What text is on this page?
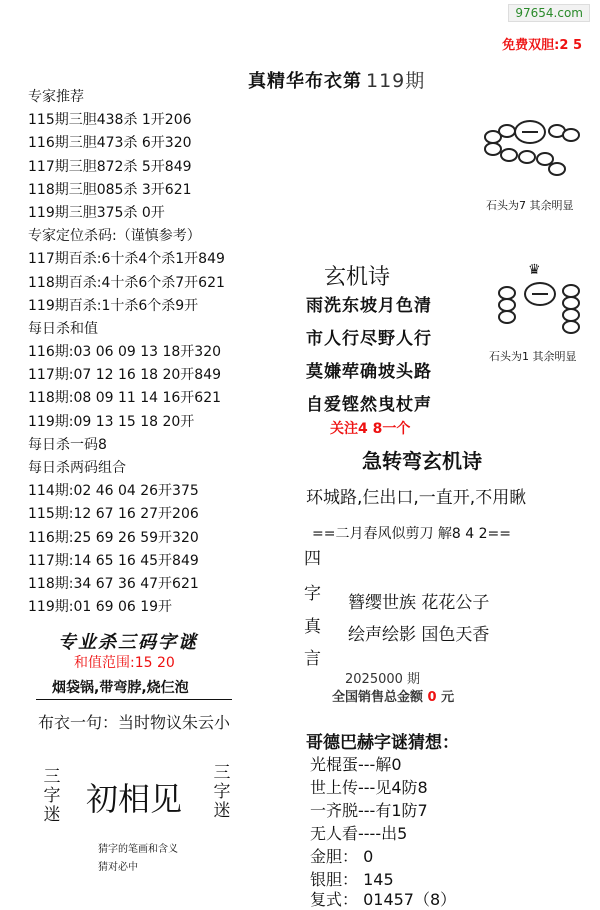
97654.com
免费双胆:2 5
真精华布衣第 119期
专家推荐
115期三胆438杀 1开206
116期三胆473杀 6开320
117期三胆872杀 5开849
118期三胆085杀 3开621
119期三胆375杀 0开
专家定位杀码:（谨慎参考）
117期百杀:6十杀4个杀1开849
118期百杀:4十杀6个杀7开621
119期百杀:1十杀6个杀9开
每日杀和值
116期:03 06 09 13 18开320
117期:07 12 16 18 20开849
118期:08 09 11 14 16开621
119期:09 13 15 18 20开
每日杀一码8
每日杀两码组合
114期:02 46 04 26开375
115期:12 67 16 27开206
116期:25 69 26 59开320
117期:14 65 16 45开849
118期:34 67 36 47开621
119期:01 69 06 19开
石头为7 其余明显
♛
石头为1 其余明显
玄机诗
雨洗东坡月色清
市人行尽野人行
莫嫌荦确坡头路
自爱铿然曳杖声
关注4 8一个
急转弯玄机诗
环城路,仨出口,一直开,不用瞅
==二月春风似剪刀 解8 4 2==
四
字
真
言
簪缨世族 花花公子
绘声绘影 国色天香
2025000 期
全国销售总金额 0 元
哥德巴赫字谜猜想：
光棍蛋---解0
世上传---见4防8
一齐脱---有1防7
无人看----出5
金胆： 0
银胆： 145
复式： 01457（8）
专业杀三码字谜
和值范围:15 20
烟袋锅,带弯脖,烧仨泡
布衣一句：当时物议朱云小
三字迷 初相见
三字迷
猜字的笔画和含义
猜对必中
